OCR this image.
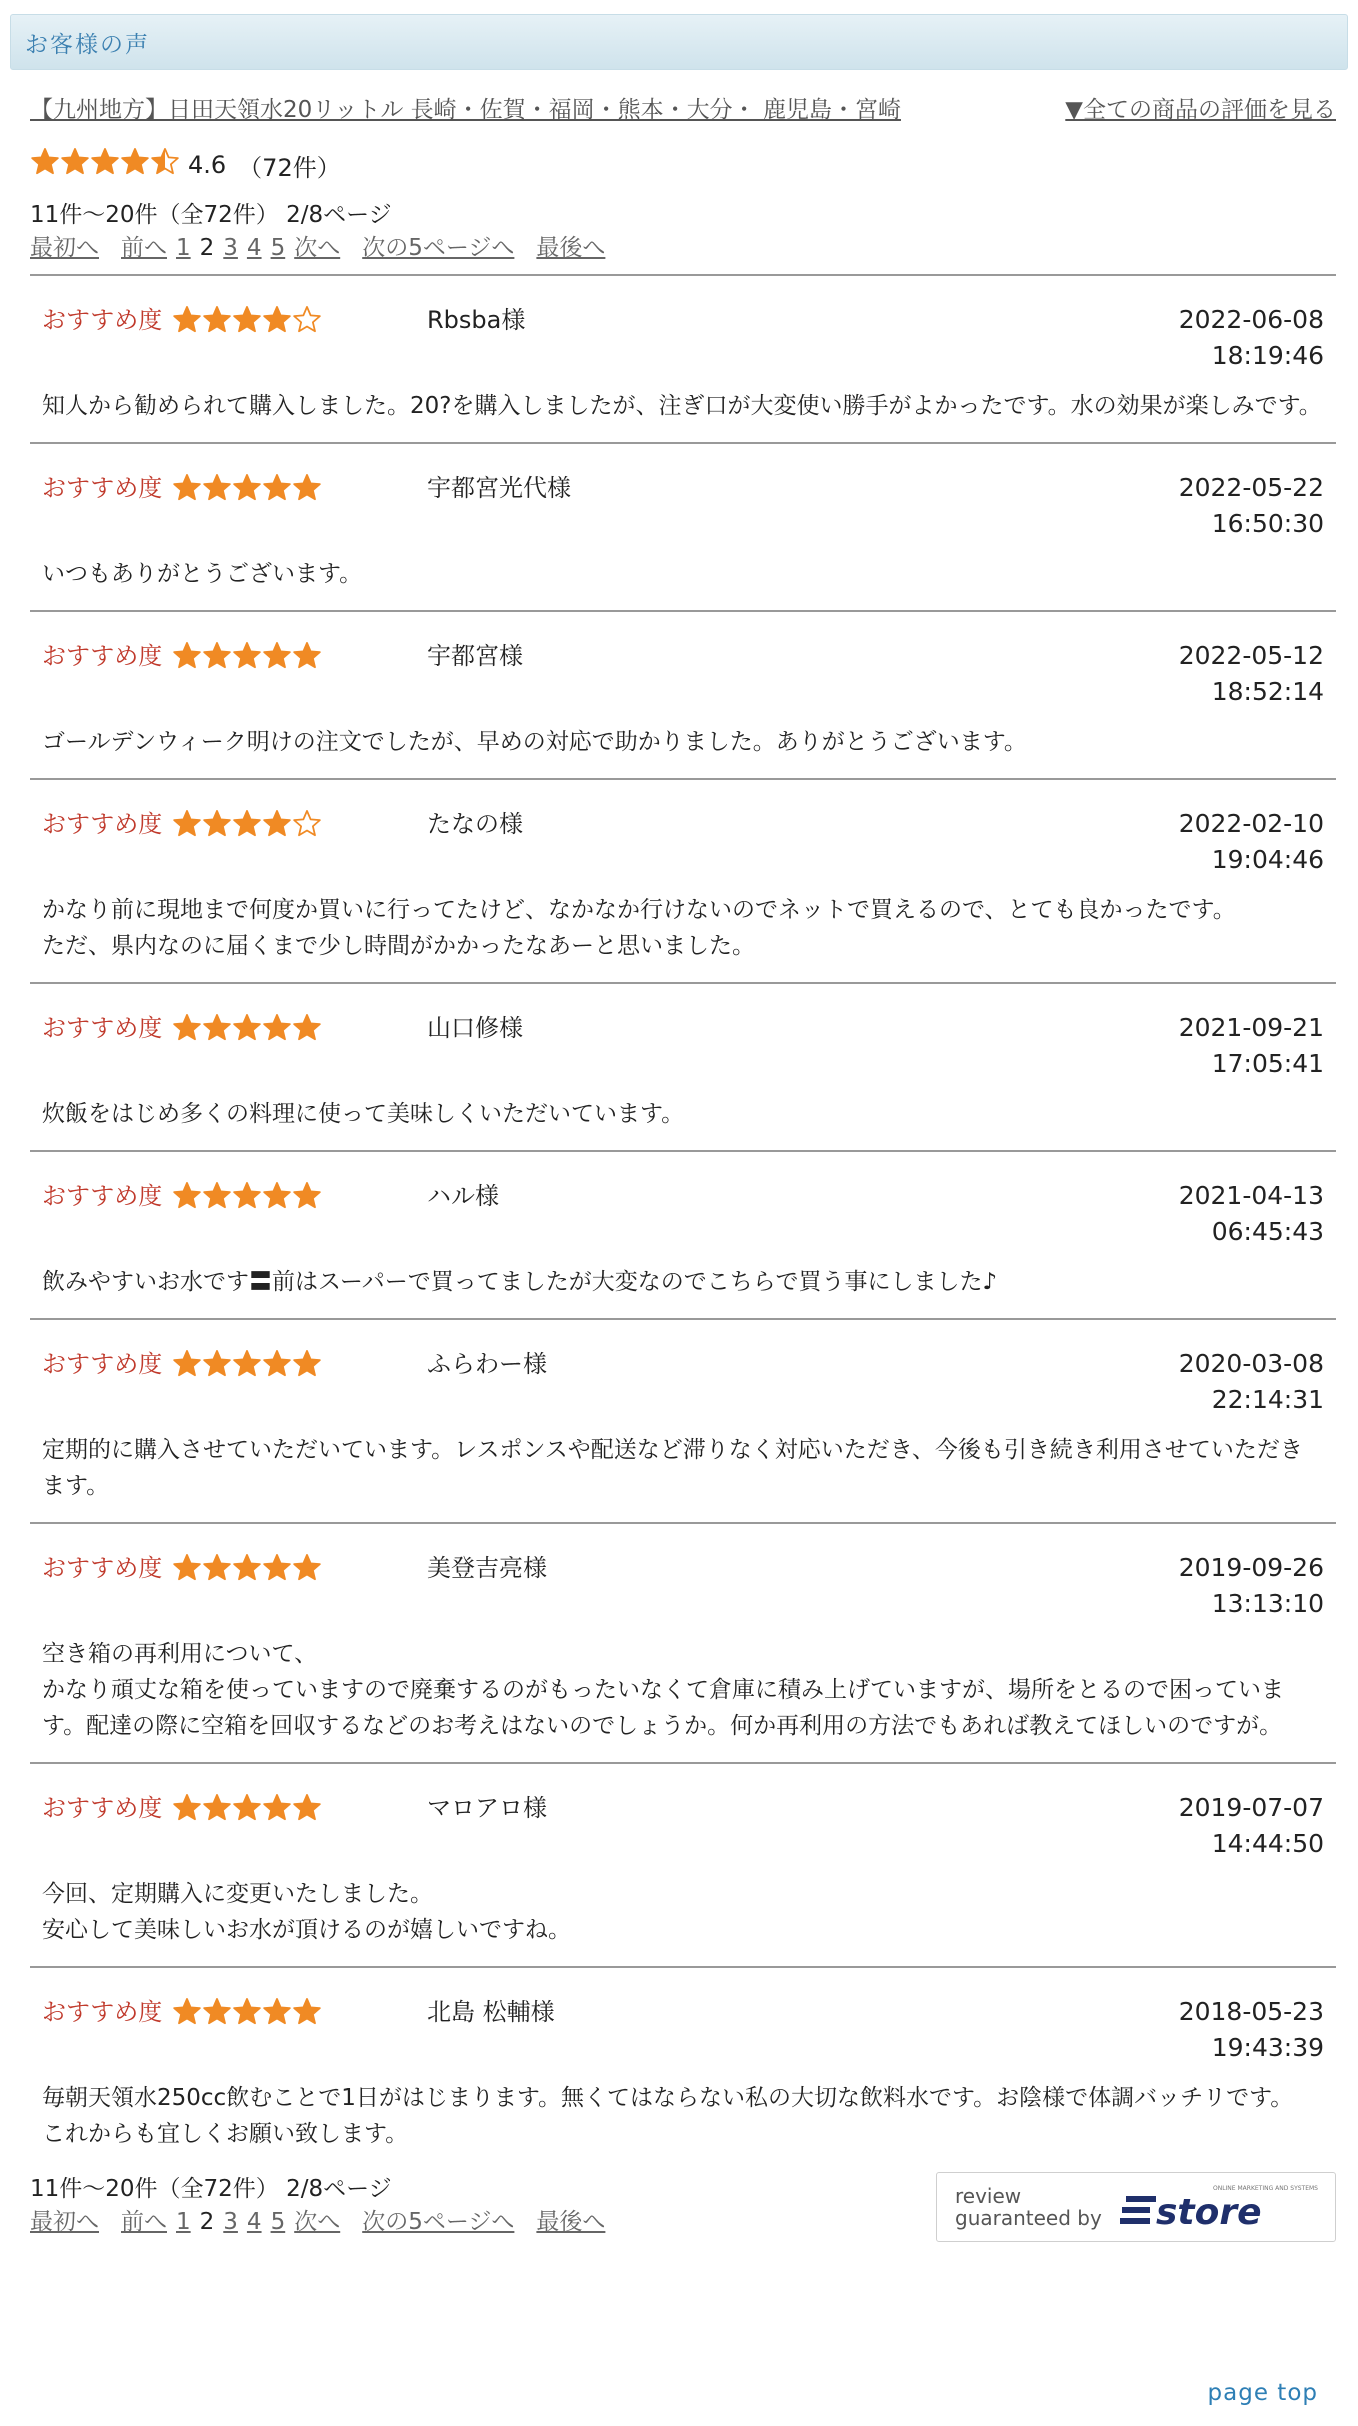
お客様の声
【九州地方】日田天領水20リットル 長崎・佐賀・福岡・熊本・大分・ 鹿児島・宮崎	▼全ての商品の評価を見る
4.6 （72件）
11件～20件（全72件） 2/8ページ
最初へ 前へ 1 2 3 4 5 次へ 次の5ページへ 最後へ
おすすめ度	Rbsba様	2022-06-08
18:19:46
知人から勧められて購入しました。20?を購入しましたが、注ぎ口が大変使い勝手がよかったです。水の効果が楽しみです。
おすすめ度	宇都宮光代様	2022-05-22
16:50:30
いつもありがとうございます。
おすすめ度	宇都宮様	2022-05-12
18:52:14
ゴールデンウィーク明けの注文でしたが、早めの対応で助かりました。ありがとうございます。
おすすめ度	たなの様	2022-02-10
19:04:46
かなり前に現地まで何度か買いに行ってたけど、なかなか行けないのでネットで買えるので、とても良かったです。
ただ、県内なのに届くまで少し時間がかかったなあーと思いました。
おすすめ度	山口修様	2021-09-21
17:05:41
炊飯をはじめ多くの料理に使って美味しくいただいています。
おすすめ度	ハル様	2021-04-13
06:45:43
飲みやすいお水です〓前はスーパーで買ってましたが大変なのでこちらで買う事にしました♪
おすすめ度	ふらわー様	2020-03-08
22:14:31
定期的に購入させていただいています。レスポンスや配送など滞りなく対応いただき、今後も引き続き利用させていただきます。
おすすめ度	美登吉亮様	2019-09-26
13:13:10
空き箱の再利用について、
かなり頑丈な箱を使っていますので廃棄するのがもったいなくて倉庫に積み上げていますが、場所をとるので困っています。配達の際に空箱を回収するなどのお考えはないのでしょうか。何か再利用の方法でもあれば教えてほしいのですが。
おすすめ度	マロアロ様	2019-07-07
14:44:50
今回、定期購入に変更いたしました。
安心して美味しいお水が頂けるのが嬉しいですね。
おすすめ度	北島 松輔様	2018-05-23
19:43:39
毎朝天領水250cc飲むことで1日がはじまります。無くてはならない私の大切な飲料水です。お陰様で体調バッチリです。
これからも宜しくお願い致します。
11件～20件（全72件） 2/8ページ
最初へ 前へ 1 2 3 4 5 次へ 次の5ページへ 最後へ
review
guaranteed by
ONLINE MARKETING AND SYSTEMS
store
page top
